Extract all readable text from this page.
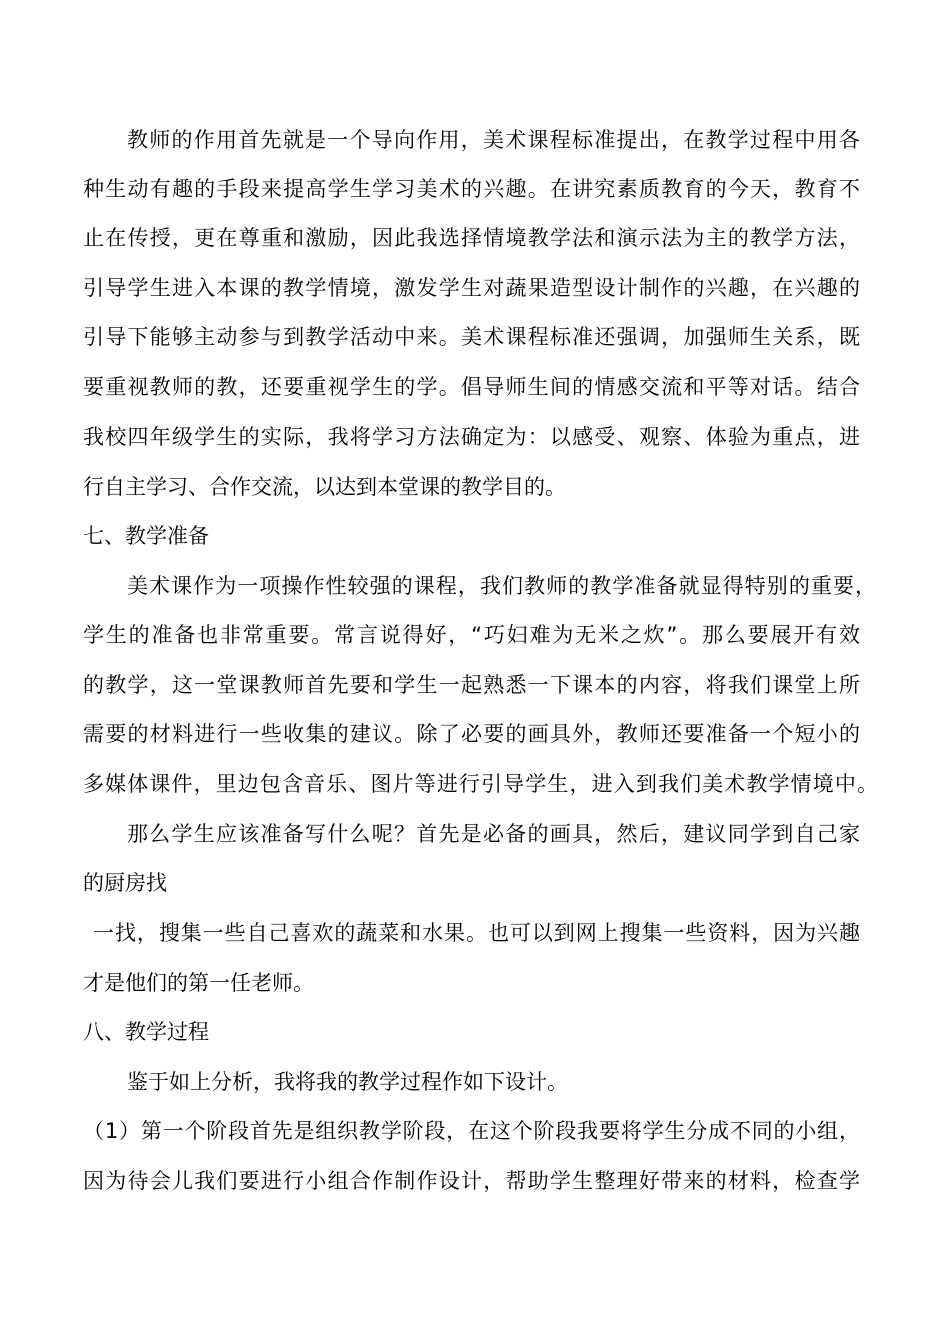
教师的作用首先就是一个导向作用，美术课程标准提出，在教学过程中用各
种生动有趣的手段来提高学生学习美术的兴趣。在讲究素质教育的今天，教育不
止在传授，更在尊重和激励，因此我选择情境教学法和演示法为主的教学方法，
引导学生进入本课的教学情境，激发学生对蔬果造型设计制作的兴趣，在兴趣的
引导下能够主动参与到教学活动中来。美术课程标准还强调，加强师生关系，既
要重视教师的教，还要重视学生的学。倡导师生间的情感交流和平等对话。结合
我校四年级学生的实际，我将学习方法确定为：以感受、观察、体验为重点，进
行自主学习、合作交流，以达到本堂课的教学目的。
七、教学准备
美术课作为一项操作性较强的课程，我们教师的教学准备就显得特别的重要，
学生的准备也非常重要。常言说得好，“巧妇难为无米之炊”。那么要展开有效
的教学，这一堂课教师首先要和学生一起熟悉一下课本的内容，将我们课堂上所
需要的材料进行一些收集的建议。除了必要的画具外，教师还要准备一个短小的
多媒体课件，里边包含音乐、图片等进行引导学生，进入到我们美术教学情境中。
那么学生应该准备写什么呢？首先是必备的画具，然后，建议同学到自己家
的厨房找
一找，搜集一些自己喜欢的蔬菜和水果。也可以到网上搜集一些资料，因为兴趣
才是他们的第一任老师。
八、教学过程
鉴于如上分析，我将我的教学过程作如下设计。
（1）第一个阶段首先是组织教学阶段，在这个阶段我要将学生分成不同的小组，
因为待会儿我们要进行小组合作制作设计，帮助学生整理好带来的材料，检查学
